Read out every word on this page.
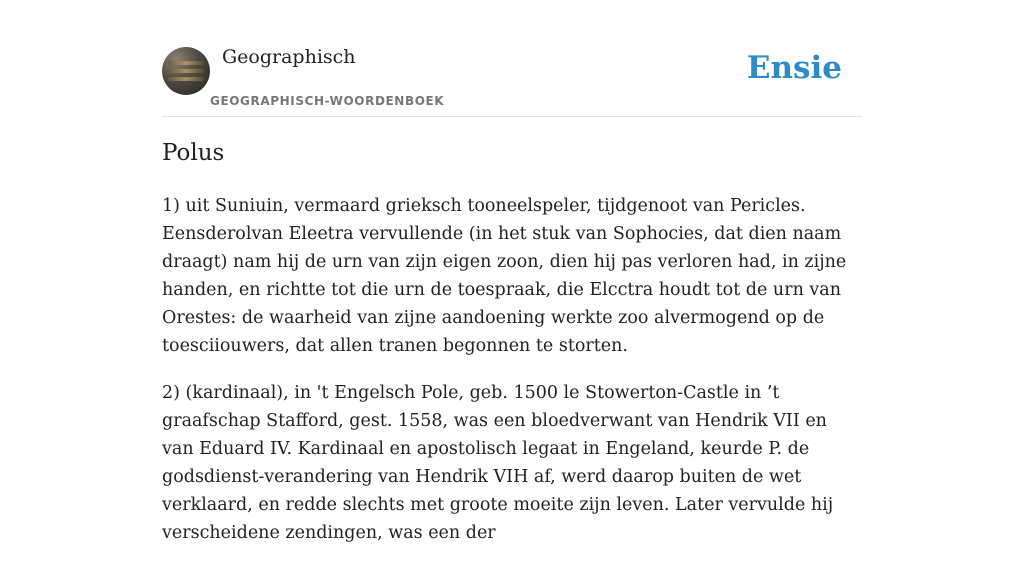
Geographisch
GEOGRAPHISCH-WOORDENBOEK
Ensie
Polus

1) uit Suniuin, vermaard grieksch tooneelspeler, tijdgenoot van Pericles. Eensderolvan Eleetra vervullende (in het stuk van Sophocies, dat dien naam draagt) nam hij de urn van zijn eigen zoon, dien hij pas verloren had, in zijne handen, en richtte tot die urn de toespraak, die Elcctra houdt tot de urn van Orestes: de waarheid van zijne aandoening werkte zoo alvermogend op de toesciiouwers, dat allen tranen begonnen te storten.

2) (kardinaal), in 't Engelsch Pole, geb. 1500 le Stowerton-Castle in ’t graafschap Stafford, gest. 1558, was een bloedverwant van Hendrik VII en van Eduard IV. Kardinaal en apostolisch legaat in Engeland, keurde P. de godsdienst-verandering van Hendrik VIH af, werd daarop buiten de wet verklaard, en redde slechts met groote moeite zijn leven. Later vervulde hij verscheidene zendingen, was een der
